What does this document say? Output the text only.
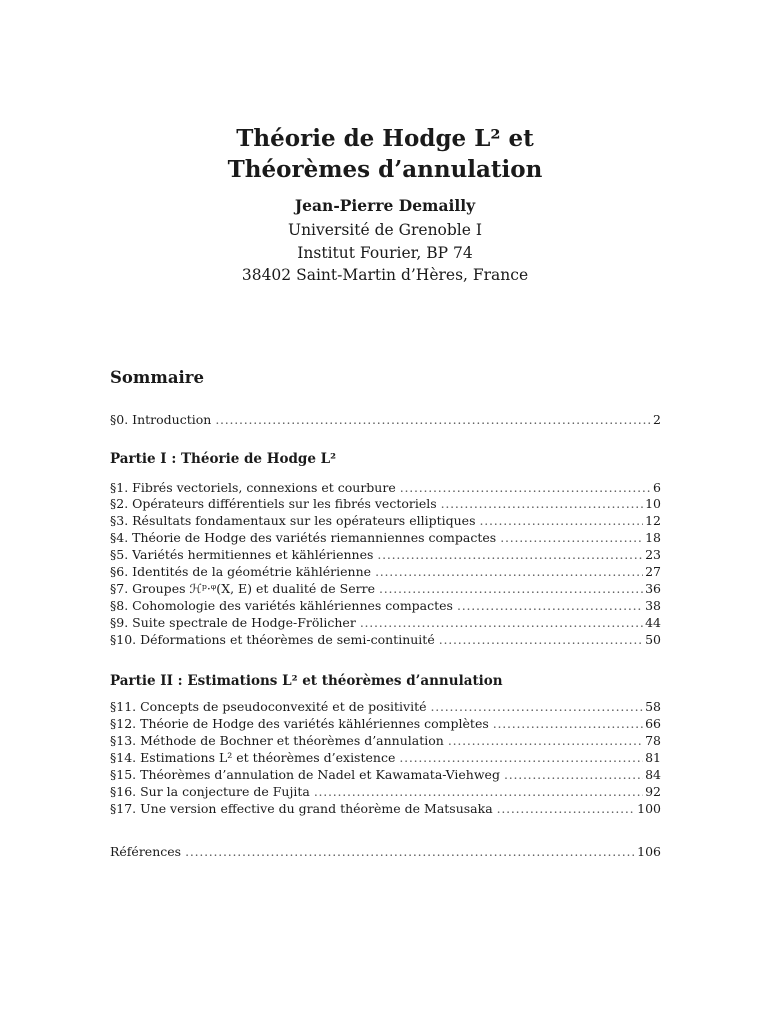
Théorie de Hodge L² et
Théorèmes d’annulation
Jean-Pierre Demailly
Université de Grenoble I
Institut Fourier, BP 74
38402 Saint-Martin d’Hères, France
Sommaire
§0. Introduction . . .	2
Partie I : Théorie de Hodge L²
§1. Fibrés vectoriels, connexions et courbure . . .	6
§2. Opérateurs différentiels sur les fibrés vectoriels . . .	10
§3. Résultats fondamentaux sur les opérateurs elliptiques . . .	12
§4. Théorie de Hodge des variétés riemanniennes compactes . . .	18
§5. Variétés hermitiennes et kählériennes . . .	23
§6. Identités de la géométrie kählérienne . . .	27
§7. Groupes ℋᵖ·ᵠ(X, E) et dualité de Serre . . .	36
§8. Cohomologie des variétés kählériennes compactes . . .	38
§9. Suite spectrale de Hodge-Frölicher . . .	44
§10. Déformations et théorèmes de semi-continuité . . .	50
Partie II : Estimations L² et théorèmes d’annulation
§11. Concepts de pseudoconvexité et de positivité . . .	58
§12. Théorie de Hodge des variétés kählériennes complètes . . .	66
§13. Méthode de Bochner et théorèmes d’annulation . . .	78
§14. Estimations L² et théorèmes d’existence . . .	81
§15. Théorèmes d’annulation de Nadel et Kawamata-Viehweg . . .	84
§16. Sur la conjecture de Fujita . . .	92
§17. Une version effective du grand théorème de Matsusaka . . .	100
Références . . .	106
